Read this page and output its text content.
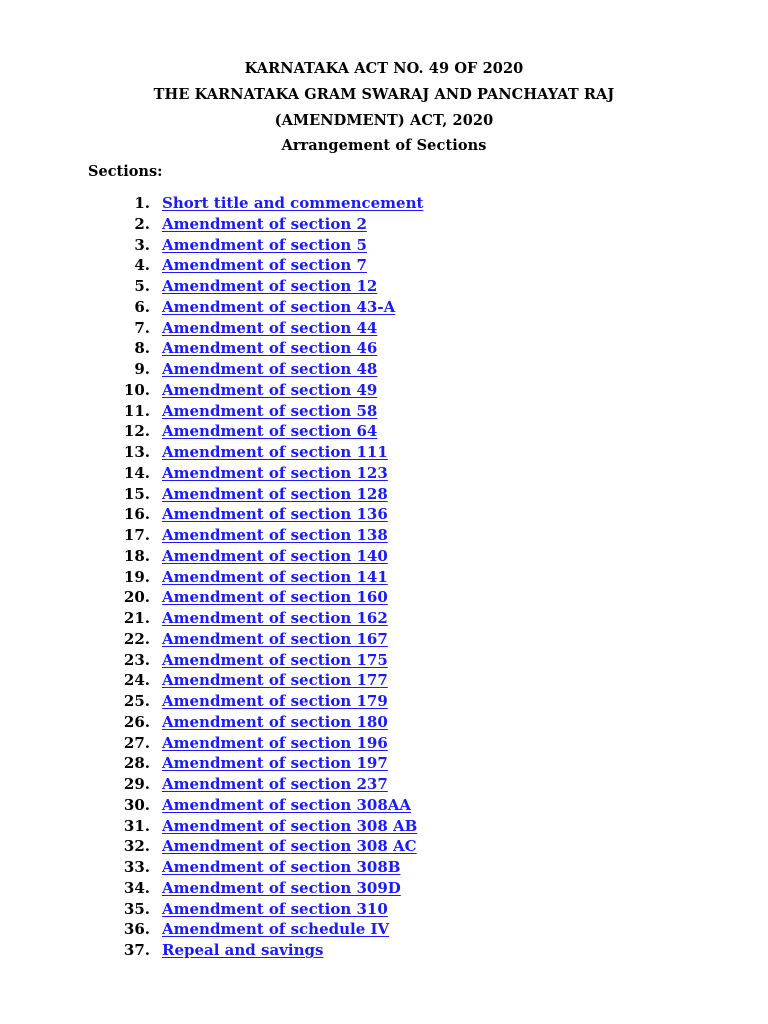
KARNATAKA ACT NO. 49 OF 2020
THE KARNATAKA GRAM SWARAJ AND PANCHAYAT RAJ
(AMENDMENT) ACT, 2020
Arrangement of Sections
Sections:
1. Short title and commencement
2. Amendment of section 2
3. Amendment of section 5
4. Amendment of section 7
5. Amendment of section 12
6. Amendment of section 43-A
7. Amendment of section 44
8. Amendment of section 46
9. Amendment of section 48
10. Amendment of section 49
11. Amendment of section 58
12. Amendment of section 64
13. Amendment of section 111
14. Amendment of section 123
15. Amendment of section 128
16. Amendment of section 136
17. Amendment of section 138
18. Amendment of section 140
19. Amendment of section 141
20. Amendment of section 160
21. Amendment of section 162
22. Amendment of section 167
23. Amendment of section 175
24. Amendment of section 177
25. Amendment of section 179
26. Amendment of section 180
27. Amendment of section 196
28. Amendment of section 197
29. Amendment of section 237
30. Amendment of section 308AA
31. Amendment of section 308 AB
32. Amendment of section 308 AC
33. Amendment of section 308B
34. Amendment of section 309D
35. Amendment of section 310
36. Amendment of schedule IV
37. Repeal and savings
